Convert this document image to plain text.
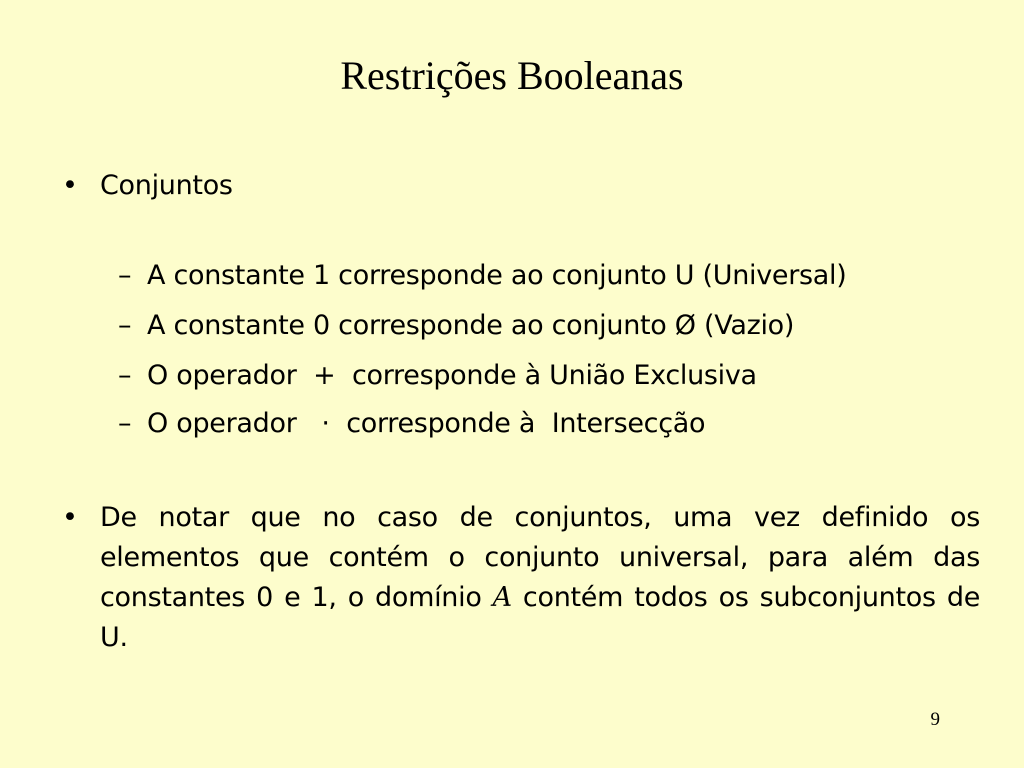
Restrições Booleanas
• Conjuntos
– A constante 1 corresponde ao conjunto U (Universal)
– A constante 0 corresponde ao conjunto Ø (Vazio)
– O operador  +  corresponde à União Exclusiva
– O operador   ·  corresponde à  Intersecção
• De notar que no caso de conjuntos, uma vez definido os elementos que contém o conjunto universal, para além das constantes 0 e 1, o domínio A contém todos os subconjuntos de U.
9
